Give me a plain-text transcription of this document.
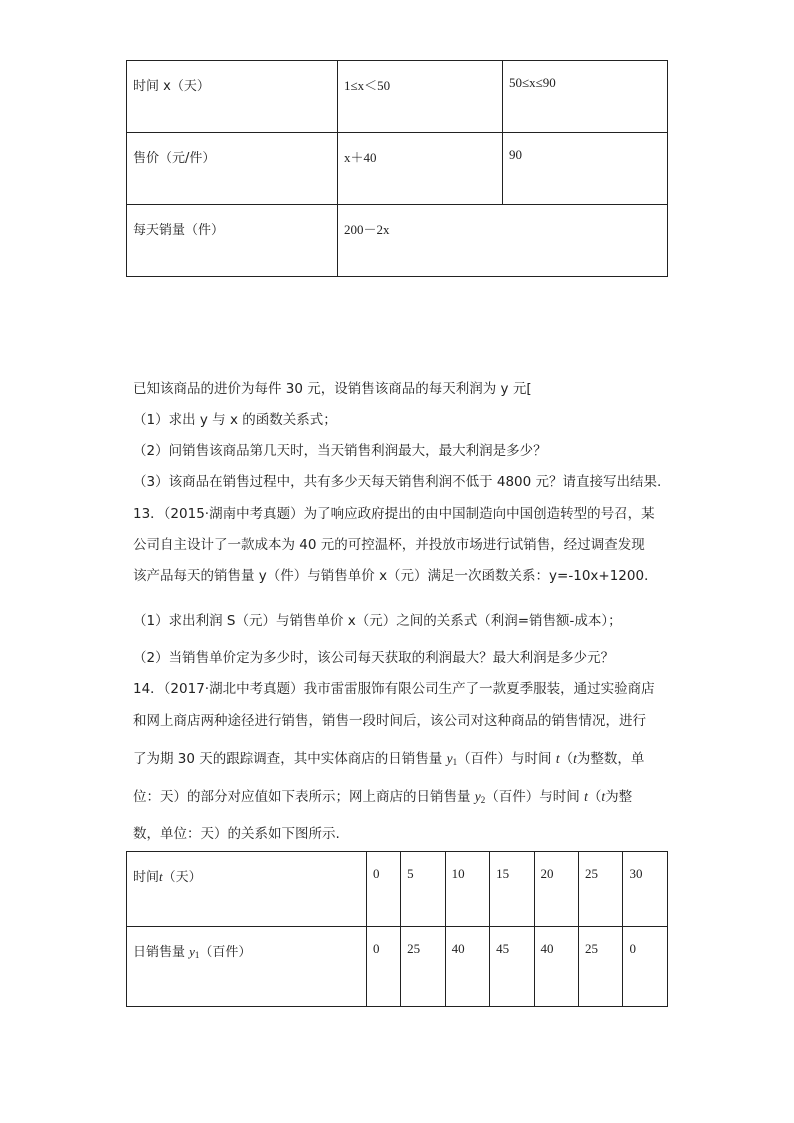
时间 x（天）	1≤x＜50	50≤x≤90
售价（元/件）	x＋40	90
每天销量（件）	200－2x	
已知该商品的进价为每件 30 元，设销售该商品的每天利润为 y 元[
（1）求出 y 与 x 的函数关系式；
（2）问销售该商品第几天时，当天销售利润最大，最大利润是多少？
（3）该商品在销售过程中，共有多少天每天销售利润不低于 4800 元？请直接写出结果.
13．（2015·湖南中考真题）为了响应政府提出的由中国制造向中国创造转型的号召，某
公司自主设计了一款成本为 40 元的可控温杯，并投放市场进行试销售，经过调查发现
该产品每天的销售量 y（件）与销售单价 x（元）满足一次函数关系：y=-10x+1200．
（1）求出利润 S（元）与销售单价 x（元）之间的关系式（利润=销售额-成本）；
（2）当销售单价定为多少时，该公司每天获取的利润最大？最大利润是多少元？
14．（2017·湖北中考真题）我市雷雷服饰有限公司生产了一款夏季服装，通过实验商店
和网上商店两种途径进行销售，销售一段时间后，该公司对这种商品的销售情况，进行
了为期 30 天的跟踪调查，其中实体商店的日销售量 $y_1$（百件）与时间 t（t为整数，单
位：天）的部分对应值如下表所示；网上商店的日销售量 $y_2$（百件）与时间 t（t为整
数，单位：天）的关系如下图所示.
时间t（天）	0	5	10	15	20	25	30
日销售量 $y_1$（百件）	0	25	40	45	40	25	0
